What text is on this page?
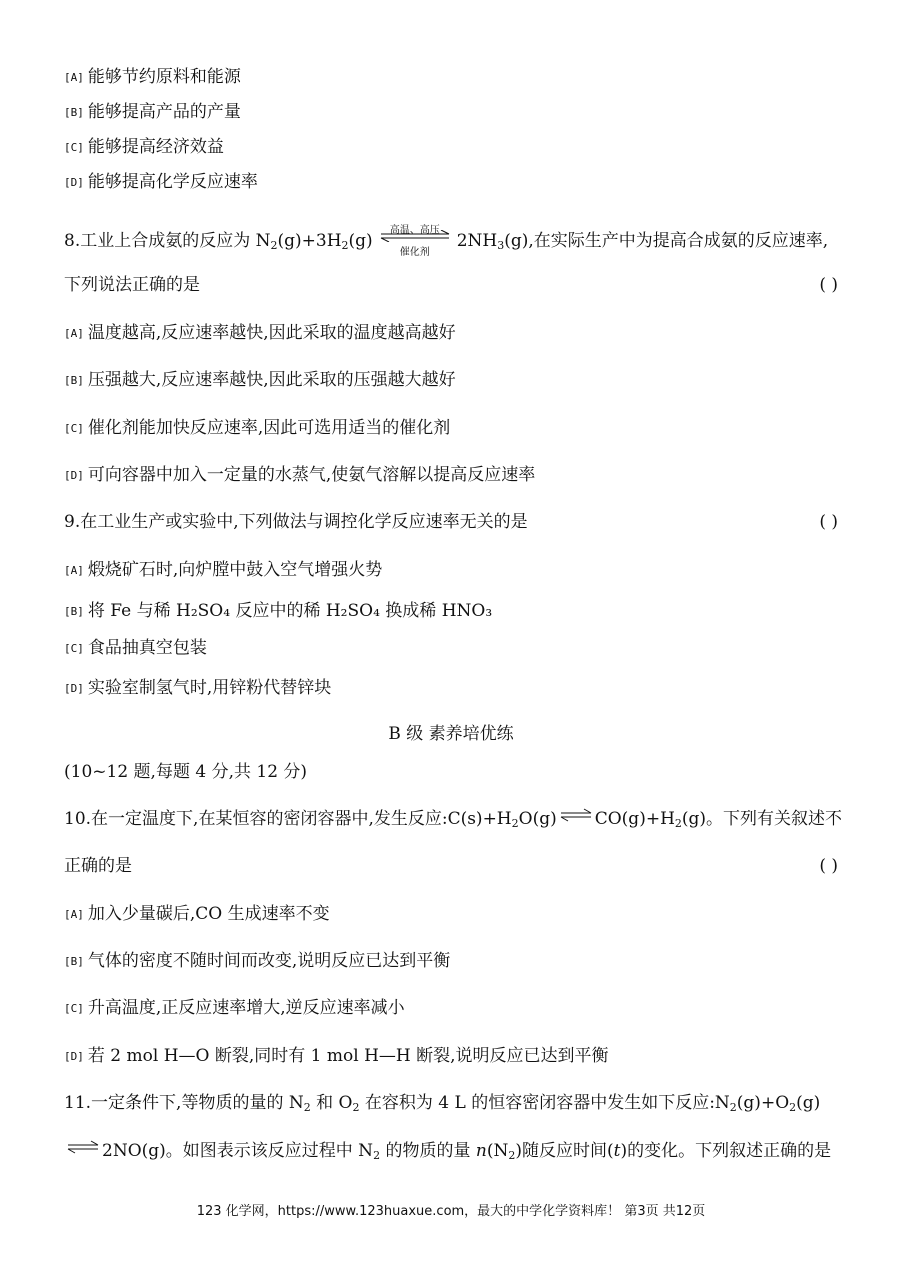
[A] 能够节约原料和能源
[B] 能够提高产品的产量
[C] 能够提高经济效益
[D] 能够提高化学反应速率
8.工业上合成氨的反应为 $N_2(g)+3H_2(g)$
高温、高压
催化剂
$2NH_3(g)$,在实际生产中为提高合成氨的反应速率,
下列说法正确的是	( )
[A] 温度越高,反应速率越快,因此采取的温度越高越好
[B] 压强越大,反应速率越快,因此采取的压强越大越好
[C] 催化剂能加快反应速率,因此可选用适当的催化剂
[D] 可向容器中加入一定量的水蒸气,使氨气溶解以提高反应速率
9.在工业生产或实验中,下列做法与调控化学反应速率无关的是	( )
[A] 煅烧矿石时,向炉膛中鼓入空气增强火势
[B] 将 Fe 与稀 H₂SO₄ 反应中的稀 H₂SO₄ 换成稀 HNO₃
[C] 食品抽真空包装
[D] 实验室制氢气时,用锌粉代替锌块
B 级 素养培优练
(10~12 题,每题 4 分,共 12 分)
10.在一定温度下,在某恒容的密闭容器中,发生反应$:C(s)+H_2O(g)$ ⇌ $CO(g)+H_2(g)$。下列有关叙述不
正确的是	( )
[A] 加入少量碳后,CO 生成速率不变
[B] 气体的密度不随时间而改变,说明反应已达到平衡
[C] 升高温度,正反应速率增大,逆反应速率减小
[D] 若 2 mol H—O 断裂,同时有 1 mol H—H 断裂,说明反应已达到平衡
11.一定条件下,等物质的量的 $N_2$ 和 $O_2$ 在容积为 4 L 的恒容密闭容器中发生如下反应$:N_2(g)+O_2(g)$
⇌ 2NO(g)。如图表示该反应过程中 $N_2$ 的物质的量 $n(N_2)$随反应时间(t)的变化。下列叙述正确的是
123 化学网，https://www.123huaxue.com，最大的中学化学资料库！ 第3页 共12页
